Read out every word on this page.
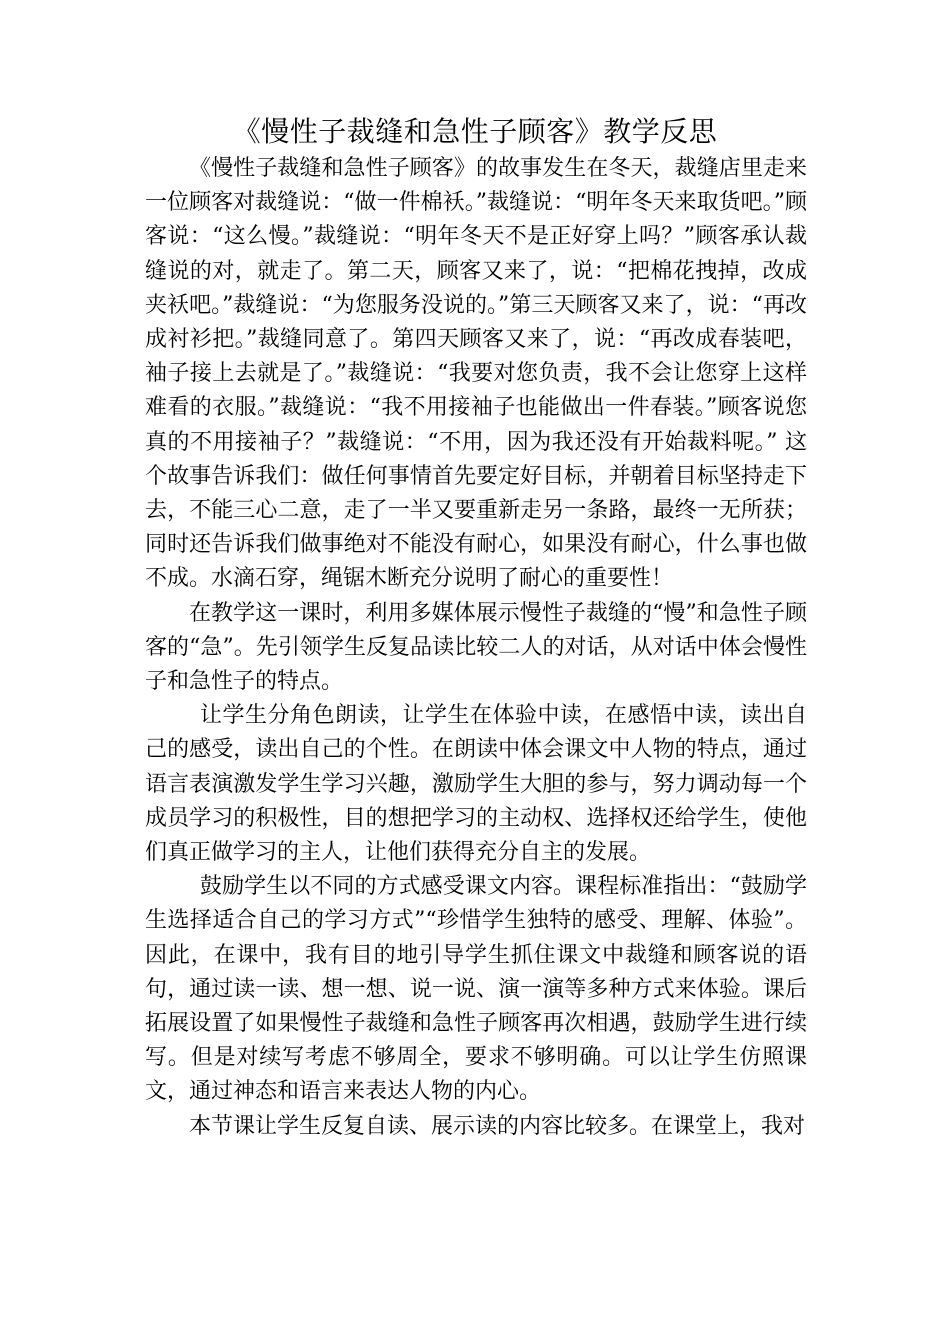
《慢性子裁缝和急性子顾客》教学反思

《慢性子裁缝和急性子顾客》的故事发生在冬天，裁缝店里走来一位顾客对裁缝说：“做一件棉袄。”裁缝说：“明年冬天来取货吧。”顾客说：“这么慢。”裁缝说：“明年冬天不是正好穿上吗？”顾客承认裁缝说的对，就走了。第二天，顾客又来了，说：“把棉花拽掉，改成夹袄吧。”裁缝说：“为您服务没说的。”第三天顾客又来了，说：“再改成衬衫把。”裁缝同意了。第四天顾客又来了，说：“再改成春装吧，袖子接上去就是了。”裁缝说：“我要对您负责，我不会让您穿上这样难看的衣服。”裁缝说：“我不用接袖子也能做出一件春装。”顾客说您真的不用接袖子？”裁缝说：“不用，因为我还没有开始裁料呢。” 这个故事告诉我们：做任何事情首先要定好目标，并朝着目标坚持走下去，不能三心二意，走了一半又要重新走另一条路，最终一无所获；同时还告诉我们做事绝对不能没有耐心，如果没有耐心，什么事也做不成。水滴石穿，绳锯木断充分说明了耐心的重要性！

在教学这一课时，利用多媒体展示慢性子裁缝的“慢”和急性子顾客的“急”。先引领学生反复品读比较二人的对话，从对话中体会慢性子和急性子的特点。

让学生分角色朗读，让学生在体验中读，在感悟中读，读出自己的感受，读出自己的个性。在朗读中体会课文中人物的特点，通过语言表演激发学生学习兴趣，激励学生大胆的参与，努力调动每一个成员学习的积极性，目的想把学习的主动权、选择权还给学生，使他们真正做学习的主人，让他们获得充分自主的发展。

鼓励学生以不同的方式感受课文内容。课程标准指出：“鼓励学生选择适合自己的学习方式”“珍惜学生独特的感受、理解、体验”。因此，在课中，我有目的地引导学生抓住课文中裁缝和顾客说的语句，通过读一读、想一想、说一说、演一演等多种方式来体验。课后拓展设置了如果慢性子裁缝和急性子顾客再次相遇，鼓励学生进行续写。但是对续写考虑不够周全，要求不够明确。可以让学生仿照课文，通过神态和语言来表达人物的内心。

本节课让学生反复自读、展示读的内容比较多。在课堂上，我对
